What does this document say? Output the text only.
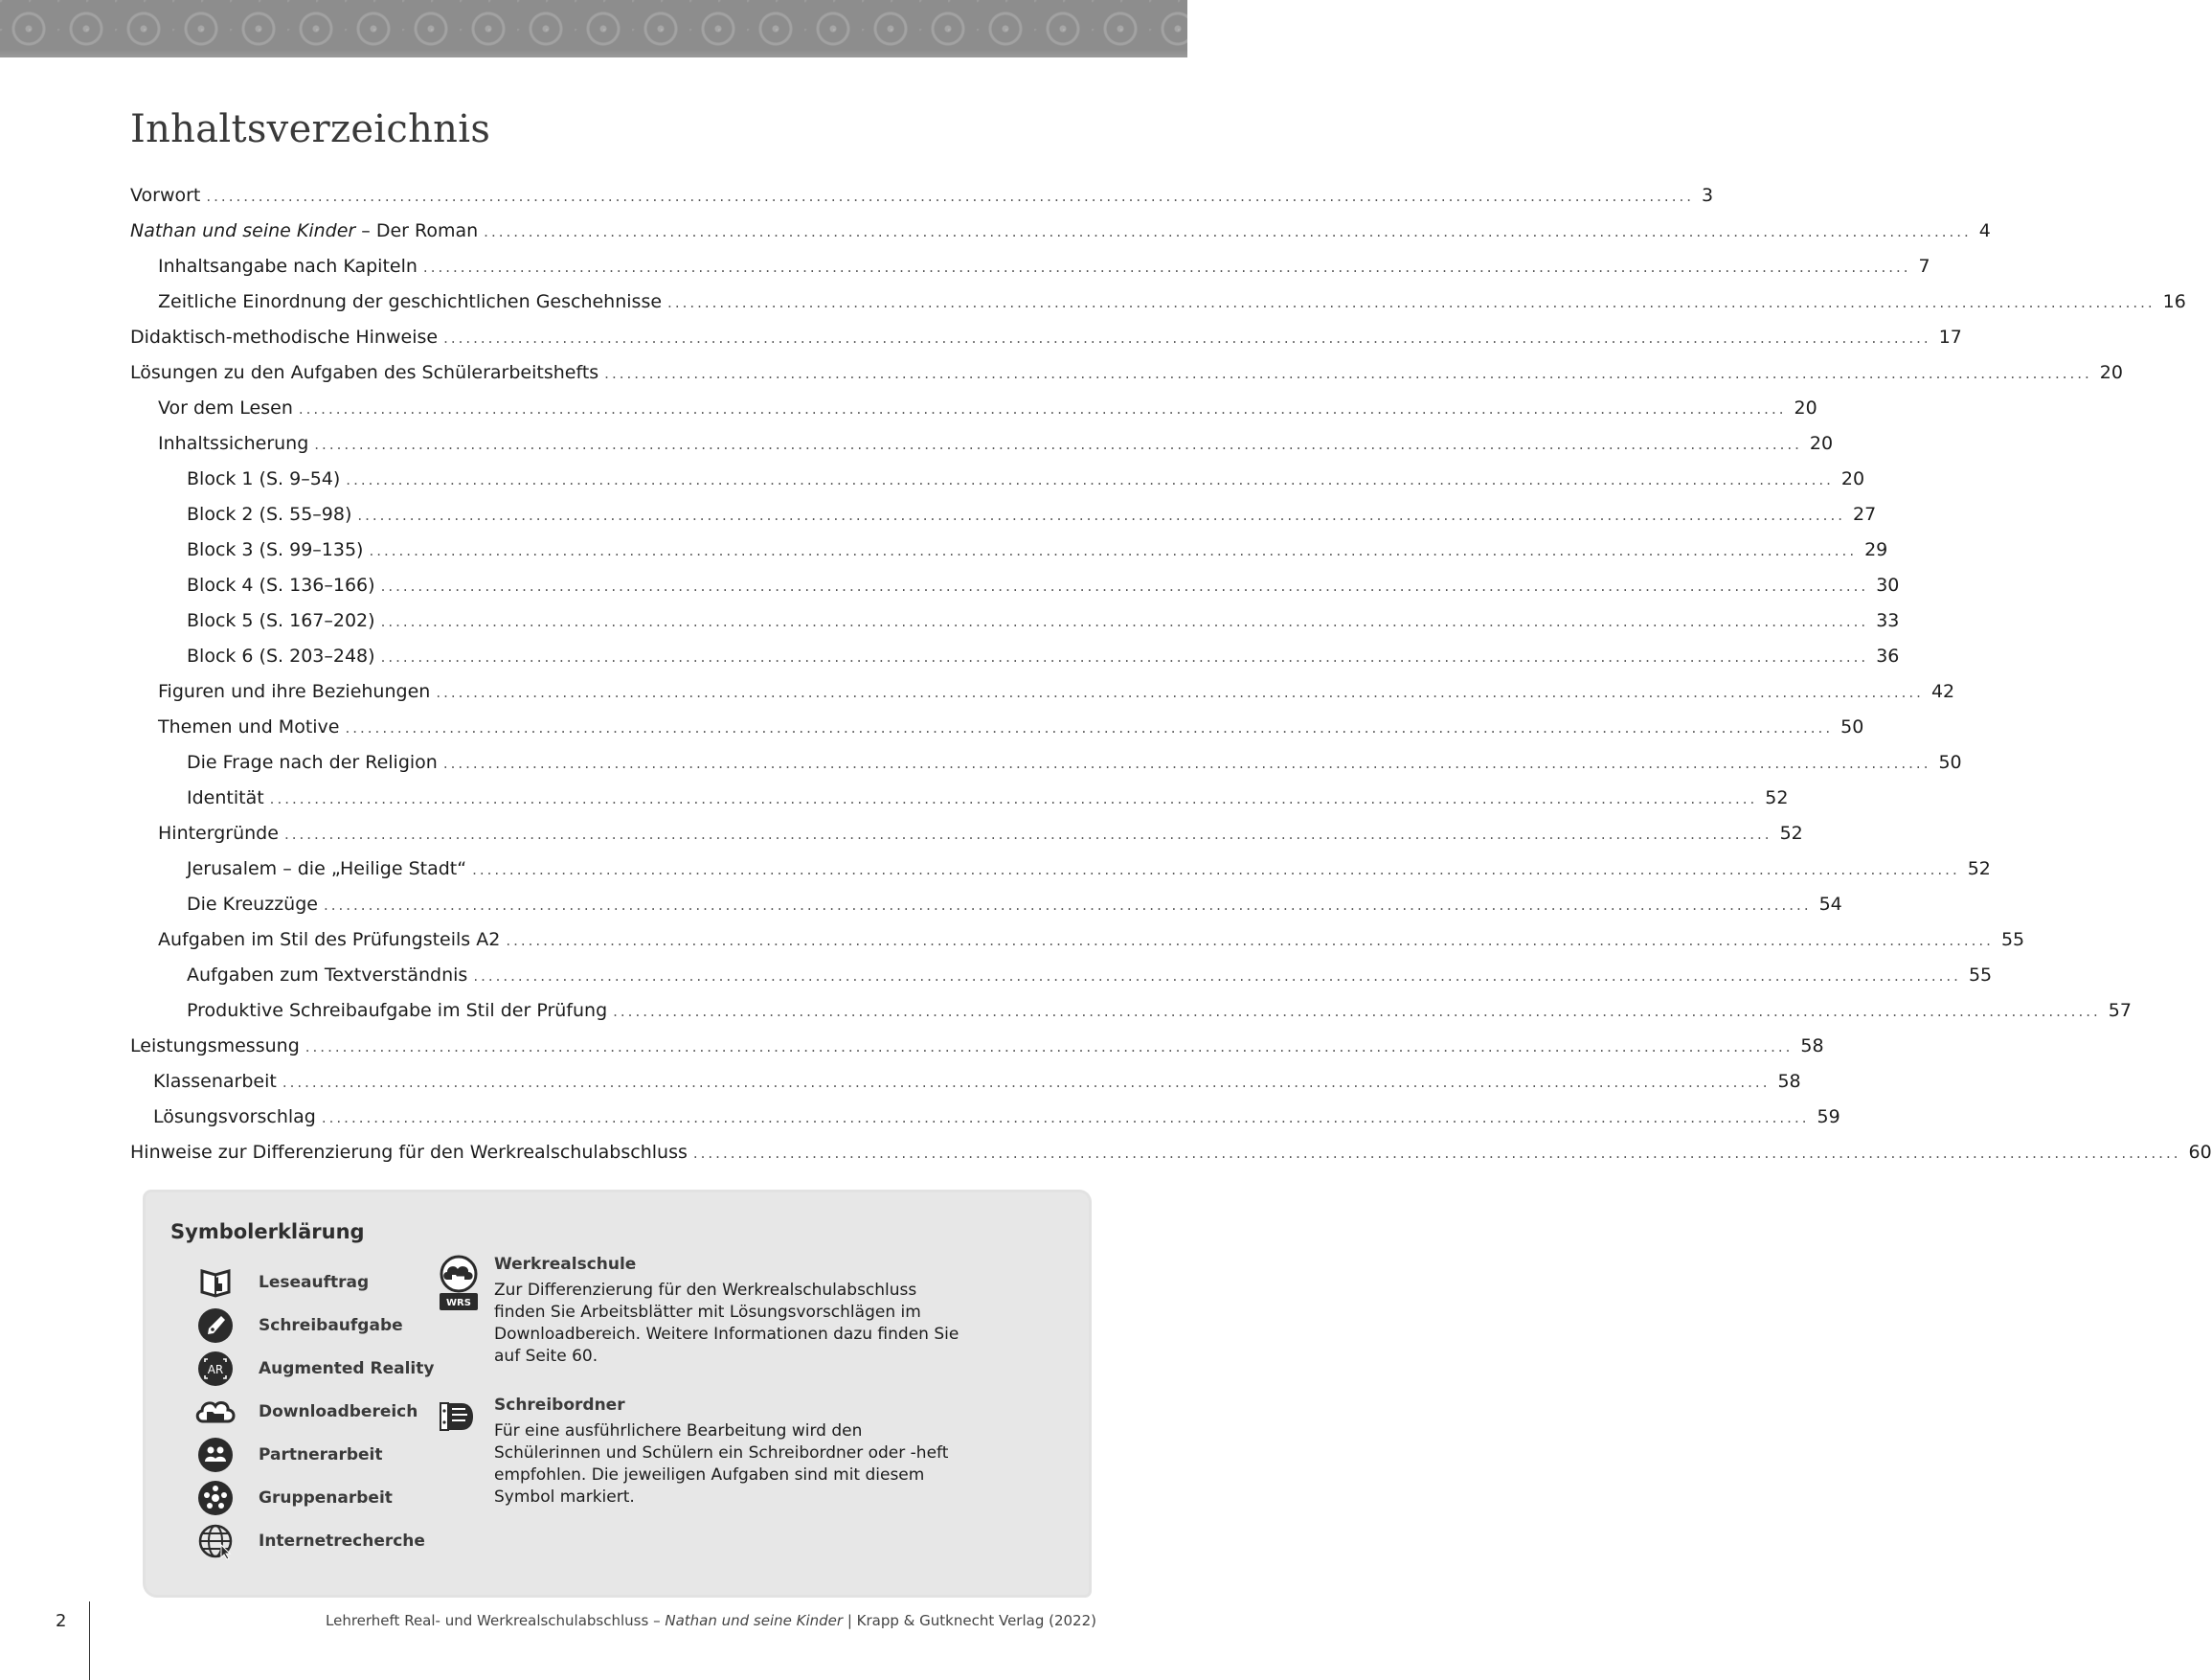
Inhaltsverzeichnis
Vorwort ........................................................................................................................................................................................................ 3
Nathan und seine Kinder – Der Roman ........................................................................................................................................................................................................ 4
Inhaltsangabe nach Kapiteln ........................................................................................................................................................................................................ 7
Zeitliche Einordnung der geschichtlichen Geschehnisse ........................................................................................................................................................................................................ 16
Didaktisch-methodische Hinweise ........................................................................................................................................................................................................ 17
Lösungen zu den Aufgaben des Schülerarbeitshefts ........................................................................................................................................................................................................ 20
Vor dem Lesen ........................................................................................................................................................................................................ 20
Inhaltssicherung ........................................................................................................................................................................................................ 20
Block 1 (S. 9–54) ........................................................................................................................................................................................................ 20
Block 2 (S. 55–98) ........................................................................................................................................................................................................ 27
Block 3 (S. 99–135) ........................................................................................................................................................................................................ 29
Block 4 (S. 136–166) ........................................................................................................................................................................................................ 30
Block 5 (S. 167–202) ........................................................................................................................................................................................................ 33
Block 6 (S. 203–248) ........................................................................................................................................................................................................ 36
Figuren und ihre Beziehungen ........................................................................................................................................................................................................ 42
Themen und Motive ........................................................................................................................................................................................................ 50
Die Frage nach der Religion ........................................................................................................................................................................................................ 50
Identität ........................................................................................................................................................................................................ 52
Hintergründe ........................................................................................................................................................................................................ 52
Jerusalem – die „Heilige Stadt“ ........................................................................................................................................................................................................ 52
Die Kreuzzüge ........................................................................................................................................................................................................ 54
Aufgaben im Stil des Prüfungsteils A2 ........................................................................................................................................................................................................ 55
Aufgaben zum Textverständnis ........................................................................................................................................................................................................ 55
Produktive Schreibaufgabe im Stil der Prüfung ........................................................................................................................................................................................................ 57
Leistungsmessung ........................................................................................................................................................................................................ 58
Klassenarbeit ........................................................................................................................................................................................................ 58
Lösungsvorschlag ........................................................................................................................................................................................................ 59
Hinweise zur Differenzierung für den Werkrealschulabschluss ........................................................................................................................................................................................................ 60
Symbolerklärung
Leseauftrag
Schreibaufgabe
AR Augmented Reality
Downloadbereich
Partnerarbeit
Gruppenarbeit
Internetrecherche
WRS
Werkrealschule

Zur Differenzierung für den Werkrealschulabschluss finden Sie Arbeitsblätter mit Lösungsvorschlägen im Downloadbereich. Weitere Informationen dazu finden Sie auf Seite 60.

Schreibordner

Für eine ausführlichere Bearbeitung wird den Schülerinnen und Schülern ein Schreibordner oder -heft empfohlen. Die jeweiligen Aufgaben sind mit diesem Symbol markiert.

2	Lehrerheft Real- und Werkrealschulabschluss – Nathan und seine Kinder | Krapp & Gutknecht Verlag (2022)
